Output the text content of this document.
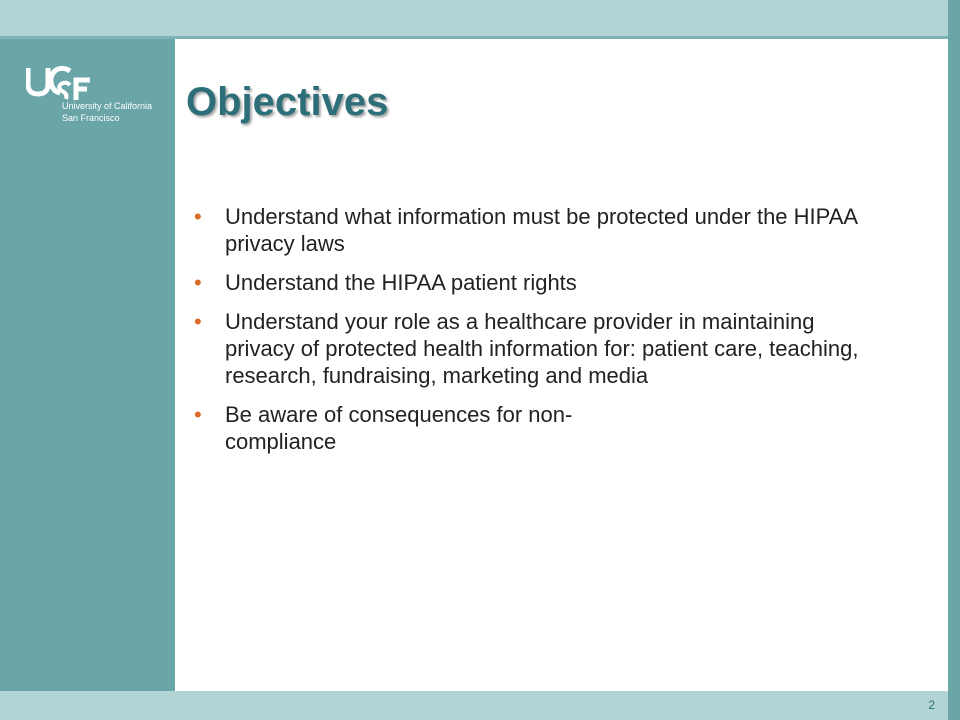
University of California
San Francisco Objectives
• Understand what information must be protected under the HIPAA privacy laws
• Understand the HIPAA patient rights
• Understand your role as a healthcare provider in maintaining privacy of protected health information for: patient care, teaching, research, fundraising, marketing and media
• Be aware of consequences for non-compliance
2
